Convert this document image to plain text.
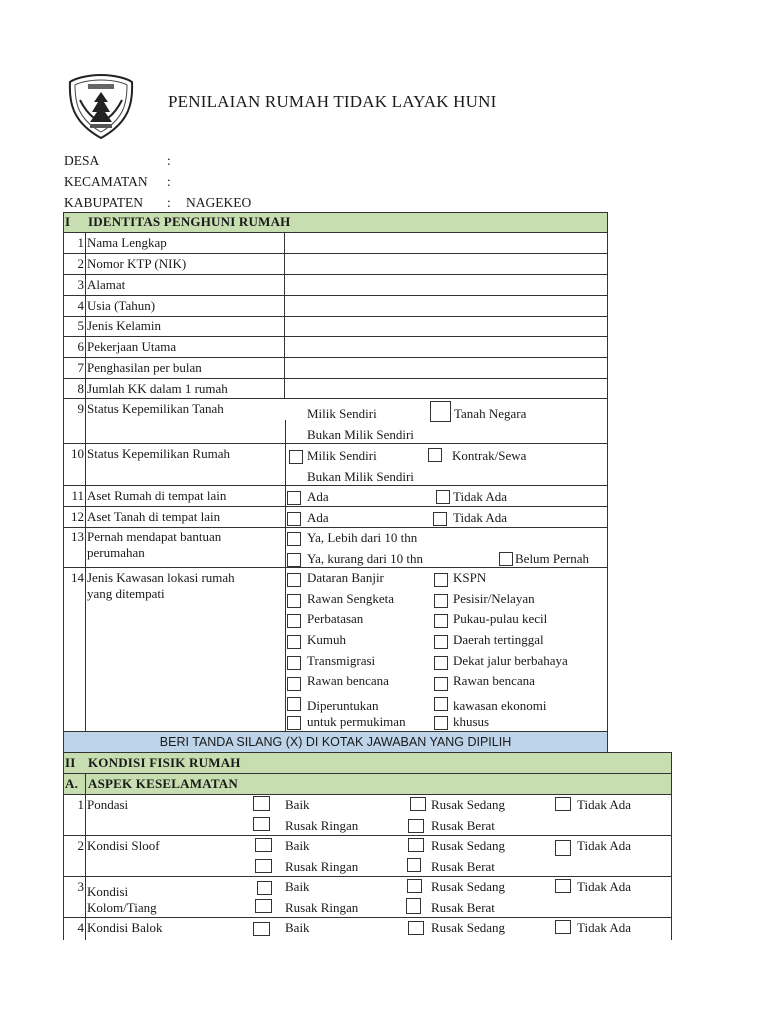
PENILAIAN RUMAH TIDAK LAYAK HUNI
DESA	:
KECAMATAN :
KABUPATEN : NAGEKEO
I IDENTITAS PENGHUNI RUMAH
1 Nama Lengkap
2 Nomor KTP (NIK)
3 Alamat
4 Usia (Tahun)
5 Jenis Kelamin
6 Pekerjaan Utama
7 Penghasilan per bulan
8 Jumlah KK dalam 1 rumah
9 Status Kepemilikan Tanah	Milik Sendiri	Tanah Negara
Bukan Milik Sendiri
10 Status Kepemilikan Rumah	Milik Sendiri	Kontrak/Sewa
Bukan Milik Sendiri
11 Aset Rumah di tempat lain	Ada	Tidak Ada
12 Aset Tanah di tempat lain	Ada	Tidak Ada
13 Pernah mendapat bantuan
perumahan
Ya, Lebih dari 10 thn
Ya, kurang dari 10 thn	Belum Pernah
14 Jenis Kawasan lokasi rumah
yang ditempati
Dataran Banjir	KSPN
Rawan Sengketa	Pesisir/Nelayan
Perbatasan	Pukau-pulau kecil
Kumuh	Daerah tertinggal
Transmigrasi	Dekat jalur berbahaya
Rawan bencana	Rawan bencana
Diperuntukan	kawasan ekonomi
untuk permukiman	khusus
BERI TANDA SILANG (X) DI KOTAK JAWABAN YANG DIPILIH
II KONDISI FISIK RUMAH
A. ASPEK KESELAMATAN
1 Pondasi	Baik	Rusak Sedang	Tidak Ada
Rusak Ringan	Rusak Berat
2 Kondisi Sloof	Baik	Rusak Sedang	Tidak Ada
Rusak Ringan	Rusak Berat
3 Kondisi
Kolom/Tiang
Baik	Rusak Sedang	Tidak Ada
Rusak Ringan	Rusak Berat
4 Kondisi Balok	Baik	Rusak Sedang	Tidak Ada
